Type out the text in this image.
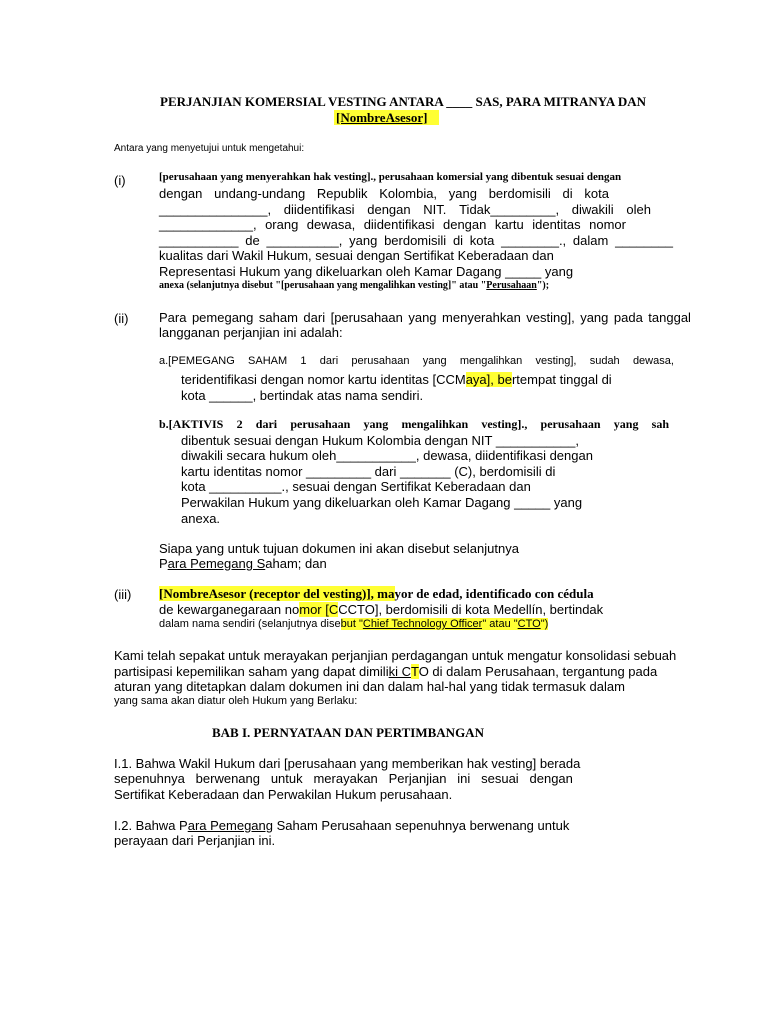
PERJANJIAN KOMERSIAL VESTING ANTARA ____ SAS, PARA MITRANYA DAN
[NombreAsesor]
Antara yang menyetujui untuk mengetahui:
(i)	[perusahaan yang menyerahkan hak vesting]., perusahaan komersial yang dibentuk sesuai dengan
dengan undang-undang Republik Kolombia, yang berdomisili di kota
_______________, diidentifikasi dengan NIT. Tidak_________, diwakili oleh
_____________, orang dewasa, diidentifikasi dengan kartu identitas nomor
___________ de __________, yang berdomisili di kota ________., dalam ________
kualitas dari Wakil Hukum, sesuai dengan Sertifikat Keberadaan dan
Representasi Hukum yang dikeluarkan oleh Kamar Dagang _____ yang
anexa (selanjutnya disebut "[perusahaan yang mengalihkan vesting]" atau "Perusahaan");
(ii) Para pemegang saham dari [perusahaan yang menyerahkan vesting], yang pada tanggal
langganan perjanjian ini adalah:
a.[PEMEGANG SAHAM 1 dari perusahaan yang mengalihkan vesting], sudah dewasa,
teridentifikasi dengan nomor kartu identitas [CCMaya], bertempat tinggal di
kota ______, bertindak atas nama sendiri.
b.[AKTIVIS 2 dari perusahaan yang mengalihkan vesting]., perusahaan yang sah
dibentuk sesuai dengan Hukum Kolombia dengan NIT ___________,
diwakili secara hukum oleh___________, dewasa, diidentifikasi dengan
kartu identitas nomor _________ dari _______ (C), berdomisili di
kota __________., sesuai dengan Sertifikat Keberadaan dan
Perwakilan Hukum yang dikeluarkan oleh Kamar Dagang _____ yang
anexa.
Siapa yang untuk tujuan dokumen ini akan disebut selanjutnya
Para Pemegang Saham; dan
(iii) [NombreAsesor (receptor del vesting)], mayor de edad, identificado con cédula
de kewarganegaraan nomor [CCCTO], berdomisili di kota Medellín, bertindak
dalam nama sendiri (selanjutnya disebut "Chief Technology Officer" atau "CTO")
Kami telah sepakat untuk merayakan perjanjian perdagangan untuk mengatur konsolidasi sebuah
partisipasi kepemilikan saham yang dapat dimiliki CTO di dalam Perusahaan, tergantung pada
aturan yang ditetapkan dalam dokumen ini dan dalam hal-hal yang tidak termasuk dalam
yang sama akan diatur oleh Hukum yang Berlaku:
BAB I. PERNYATAAN DAN PERTIMBANGAN
I.1. Bahwa Wakil Hukum dari [perusahaan yang memberikan hak vesting] berada
sepenuhnya berwenang untuk merayakan Perjanjian ini sesuai dengan
Sertifikat Keberadaan dan Perwakilan Hukum perusahaan.
I.2. Bahwa Para Pemegang Saham Perusahaan sepenuhnya berwenang untuk
perayaan dari Perjanjian ini.
